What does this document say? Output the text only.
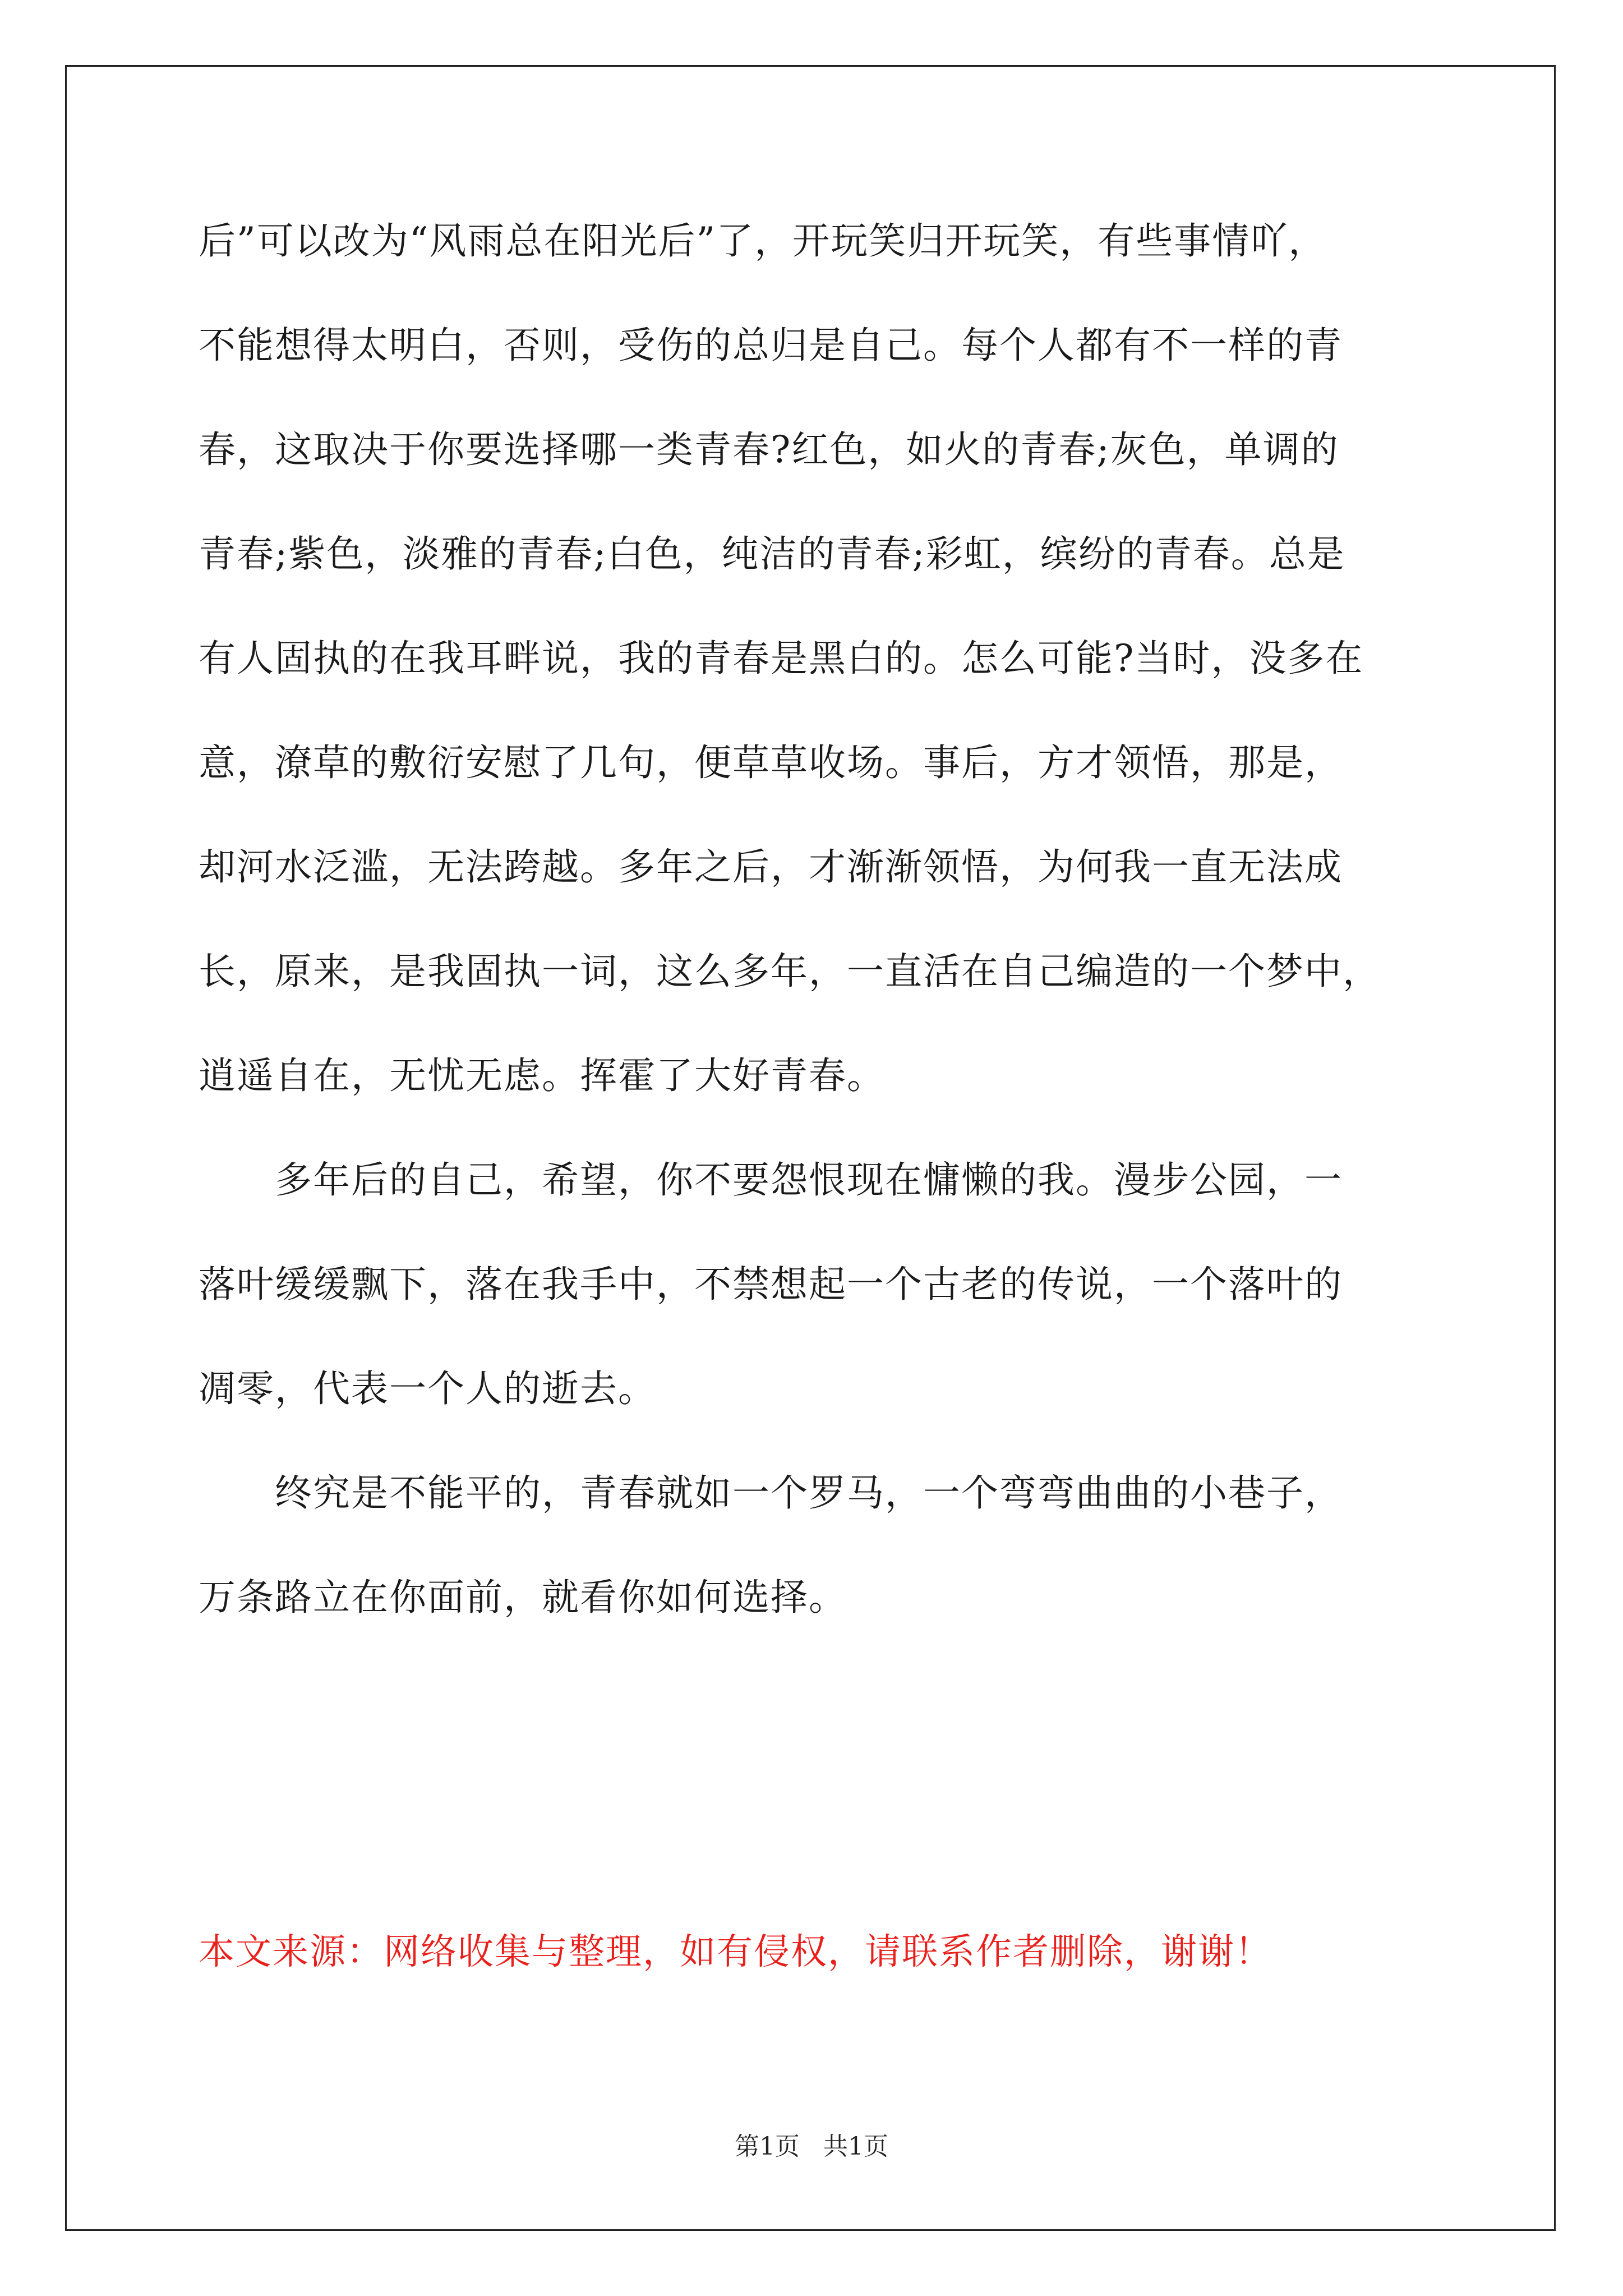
后”可以改为“风雨总在阳光后”了，开玩笑归开玩笑，有些事情吖，
不能想得太明白，否则，受伤的总归是自己。每个人都有不一样的青
春，这取决于你要选择哪一类青春?红色，如火的青春;灰色，单调的
青春;紫色，淡雅的青春;白色，纯洁的青春;彩虹，缤纷的青春。总是
有人固执的在我耳畔说，我的青春是黑白的。怎么可能?当时，没多在
意，潦草的敷衍安慰了几句，便草草收场。事后，方才领悟，那是，
却河水泛滥，无法跨越。多年之后，才渐渐领悟，为何我一直无法成
长，原来，是我固执一词，这么多年，一直活在自己编造的一个梦中，
逍遥自在，无忧无虑。挥霍了大好青春。
　　多年后的自己，希望，你不要怨恨现在慵懒的我。漫步公园，一
落叶缓缓飘下，落在我手中，不禁想起一个古老的传说，一个落叶的
凋零，代表一个人的逝去。
　　终究是不能平的，青春就如一个罗马，一个弯弯曲曲的小巷子，
万条路立在你面前，就看你如何选择。
本文来源：网络收集与整理，如有侵权，请联系作者删除，谢谢！
第1页   共1页
